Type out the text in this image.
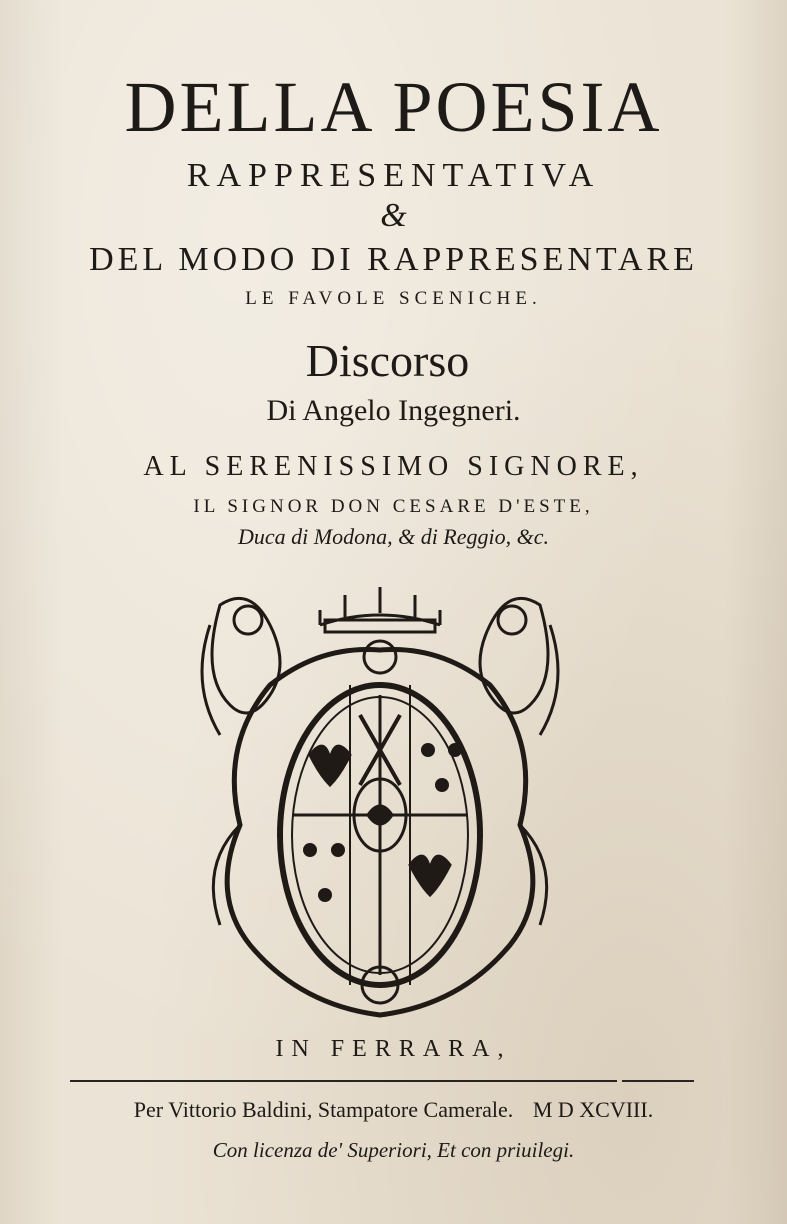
DELLA POESIA
RAPPRESENTATIVA
&
DEL MODO DI RAPPRESENTARE
LE FAVOLE SCENICHE.
Discorso
Di Angelo Ingegneri.
AL SERENISSIMO SIGNORE,
IL SIGNOR DON CESARE D'ESTE,
Duca di Modona, & di Reggio, &c.
IN FERRARA,
Per Vittorio Baldini, Stampatore Camerale. M D XCVIII.
Con licenza de' Superiori, Et con priuilegi.
